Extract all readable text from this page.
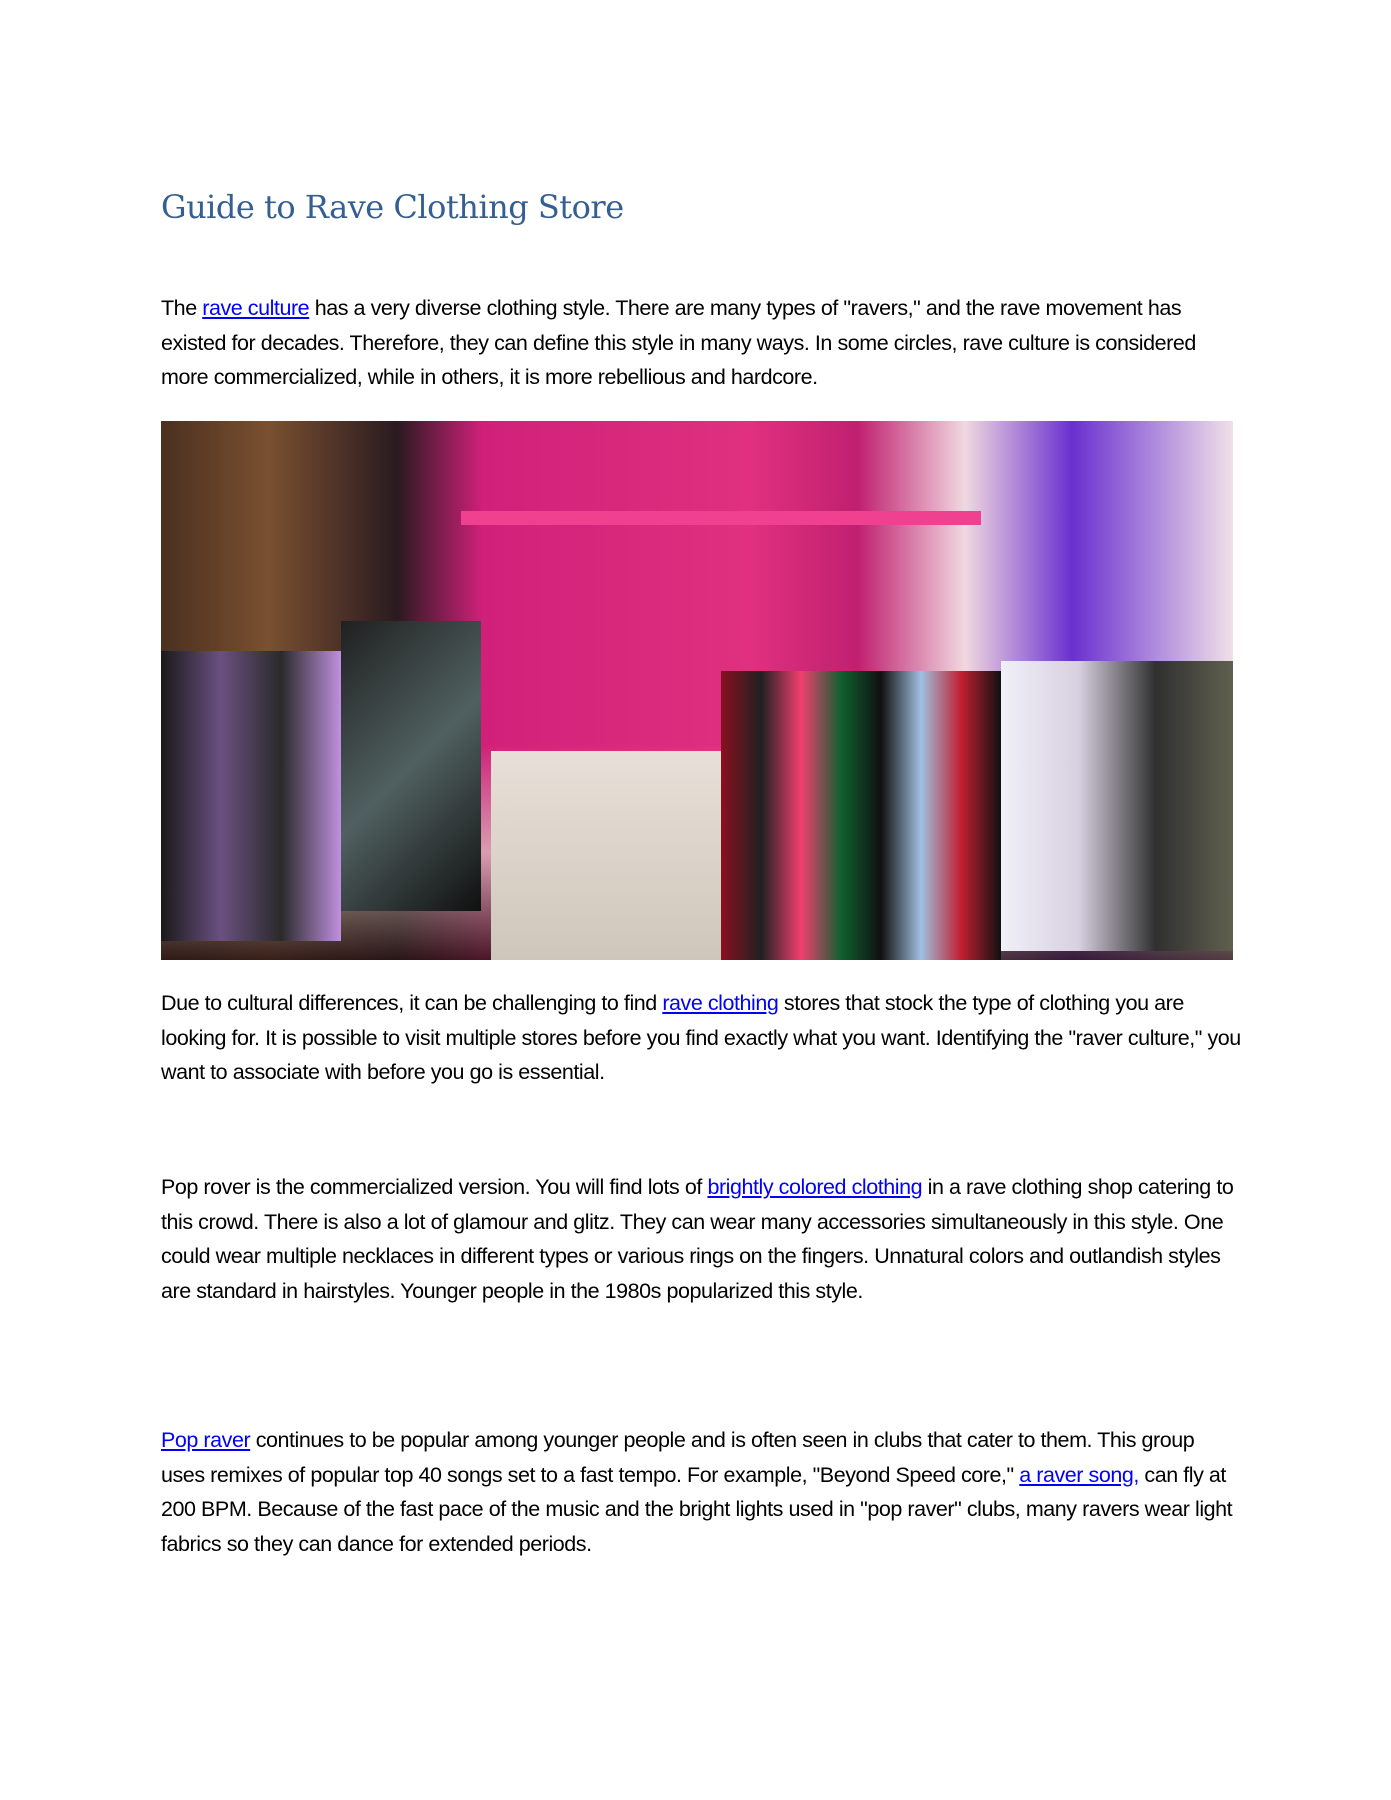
Guide to Rave Clothing Store

The rave culture has a very diverse clothing style. There are many types of "ravers," and the rave movement has existed for decades. Therefore, they can define this style in many ways. In some circles, rave culture is considered more commercialized, while in others, it is more rebellious and hardcore.

Due to cultural differences, it can be challenging to find rave clothing stores that stock the type of clothing you are looking for. It is possible to visit multiple stores before you find exactly what you want. Identifying the "raver culture," you want to associate with before you go is essential.

Pop rover is the commercialized version. You will find lots of brightly colored clothing in a rave clothing shop catering to this crowd. There is also a lot of glamour and glitz. They can wear many accessories simultaneously in this style. One could wear multiple necklaces in different types or various rings on the fingers. Unnatural colors and outlandish styles are standard in hairstyles. Younger people in the 1980s popularized this style.

Pop raver continues to be popular among younger people and is often seen in clubs that cater to them. This group uses remixes of popular top 40 songs set to a fast tempo. For example, "Beyond Speed core," a raver song, can fly at 200 BPM. Because of the fast pace of the music and the bright lights used in "pop raver" clubs, many ravers wear light fabrics so they can dance for extended periods.
